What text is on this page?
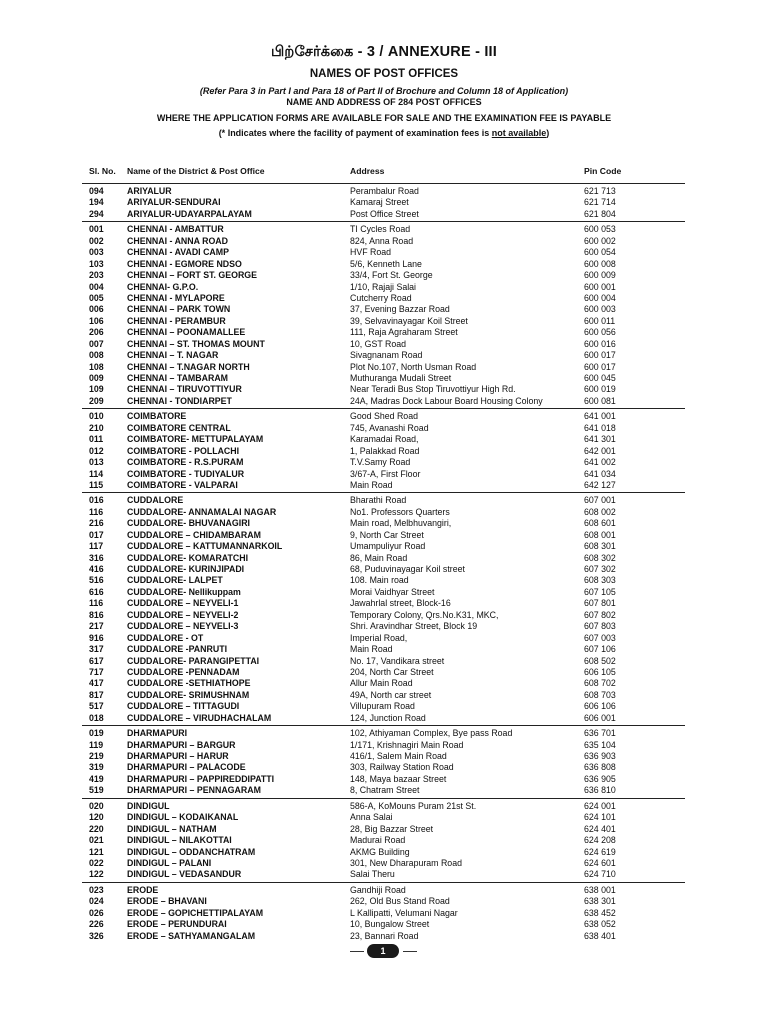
பிற்சேர்க்கை - 3 / ANNEXURE - III
NAMES OF POST OFFICES
(Refer Para 3 in Part I and Para 18 of Part II of Brochure and Column 18 of Application)
NAME AND ADDRESS OF 284 POST OFFICES
WHERE THE APPLICATION FORMS ARE AVAILABLE FOR SALE AND THE EXAMINATION FEE IS PAYABLE
(* Indicates where the facility of payment of examination fees is not available)
Sl. No. Name of the District & Post Office	Address	Pin Code
094	ARIYALUR	Perambalur Road	621 713
194	ARIYALUR-SENDURAI	Kamaraj Street	621 714
294	ARIYALUR-UDAYARPALAYAM	Post Office Street	621 804
001	CHENNAI - AMBATTUR	TI Cycles Road	600 053
002	CHENNAI - ANNA ROAD	824, Anna Road	600 002
003	CHENNAI - AVADI CAMP	HVF Road	600 054
103	CHENNAI - EGMORE NDSO	5/6, Kenneth Lane	600 008
203	CHENNAI – FORT ST. GEORGE	33/4, Fort St. George	600 009
004	CHENNAI- G.P.O.	1/10, Rajaji Salai	600 001
005	CHENNAI - MYLAPORE	Cutcherry Road	600 004
006	CHENNAI – PARK TOWN	37, Evening Bazzar Road	600 003
106	CHENNAI - PERAMBUR	39, Selvavinayagar Koil Street	600 011
206	CHENNAI – POONAMALLEE	111, Raja Agraharam Street	600 056
007	CHENNAI – ST. THOMAS MOUNT	10, GST Road	600 016
008	CHENNAI – T. NAGAR	Sivagnanam Road	600 017
108	CHENNAI – T.NAGAR NORTH	Plot No.107, North Usman Road	600 017
009	CHENNAI – TAMBARAM	Muthuranga Mudali Street	600 045
109	CHENNAI – TIRUVOTTIYUR	Near Teradi Bus Stop Tiruvottiyur High Rd.	600 019
209	CHENNAI - TONDIARPET	24A, Madras Dock Labour Board Housing Colony	600 081
010	COIMBATORE	Good Shed Road	641 001
210	COIMBATORE CENTRAL	745, Avanashi Road	641 018
011	COIMBATORE- METTUPALAYAM	Karamadai Road,	641 301
012	COIMBATORE - POLLACHI	1, Palakkad Road	642 001
013	COIMBATORE - R.S.PURAM	T.V.Samy Road	641 002
114	COIMBATORE - TUDIYALUR	3/67-A, First Floor	641 034
115	COIMBATORE - VALPARAI	Main Road	642 127
016	CUDDALORE	Bharathi Road	607 001
116	CUDDALORE- ANNAMALAI NAGAR	No1. Professors Quarters	608 002
216	CUDDALORE- BHUVANAGIRI	Main road, Melbhuvangiri,	608 601
017	CUDDALORE – CHIDAMBARAM	9, North Car Street	608 001
117	CUDDALORE – KATTUMANNARKOIL	Umampuliyur Road	608 301
316	CUDDALORE- KOMARATCHI	86, Main Road	608 302
416	CUDDALORE- KURINJIPADI	68, Puduvinayagar Koil street	607 302
516	CUDDALORE- LALPET	108. Main road	608 303
616	CUDDALORE- Nellikuppam	Morai Vaidhyar Street	607 105
116	CUDDALORE – NEYVELI-1	Jawahrlal street, Block-16	607 801
816	CUDDALORE – NEYVELI-2	Temporary Colony, Qrs.No.K31, MKC,	607 802
217	CUDDALORE – NEYVELI-3	Shri. Aravindhar Street, Block 19	607 803
916	CUDDALORE - OT	Imperial Road,	607 003
317	CUDDALORE -PANRUTI	Main Road	607 106
617	CUDDALORE- PARANGIPETTAI	No. 17, Vandikara street	608 502
717	CUDDALORE -PENNADAM	204, North Car Street	606 105
417	CUDDALORE -SETHIATHOPE	Allur Main Road	608 702
817	CUDDALORE- SRIMUSHNAM	49A, North car street	608 703
517	CUDDALORE – TITTAGUDI	Villupuram Road	606 106
018	CUDDALORE – VIRUDHACHALAM	124, Junction Road	606 001
019	DHARMAPURI	102, Athiyaman Complex, Bye pass Road	636 701
119	DHARMAPURI – BARGUR	1/171, Krishnagiri Main Road	635 104
219	DHARMAPURI – HARUR	416/1, Salem Main Road	636 903
319	DHARMAPURI – PALACODE	303, Railway Station Road	636 808
419	DHARMAPURI – PAPPIREDDIPATTI	148, Maya bazaar Street	636 905
519	DHARMAPURI – PENNAGARAM	8, Chatram Street	636 810
020	DINDIGUL	586-A, KoMouns Puram 21st St.	624 001
120	DINDIGUL – KODAIKANAL	Anna Salai	624 101
220	DINDIGUL – NATHAM	28, Big Bazzar Street	624 401
021	DINDIGUL – NILAKOTTAI	Madurai Road	624 208
121	DINDIGUL – ODDANCHATRAM	AKMG Building	624 619
022	DINDIGUL – PALANI	301, New Dharapuram Road	624 601
122	DINDIGUL – VEDASANDUR	Salai Theru	624 710
023	ERODE	Gandhiji Road	638 001
024	ERODE – BHAVANI	262, Old Bus Stand Road	638 301
026	ERODE – GOPICHETTIPALAYAM	L Kallipatti, Velumani Nagar	638 452
226	ERODE – PERUNDURAI	10, Bungalow Street	638 052
326	ERODE – SATHYAMANGALAM	23, Bannari Road	638 401
1
